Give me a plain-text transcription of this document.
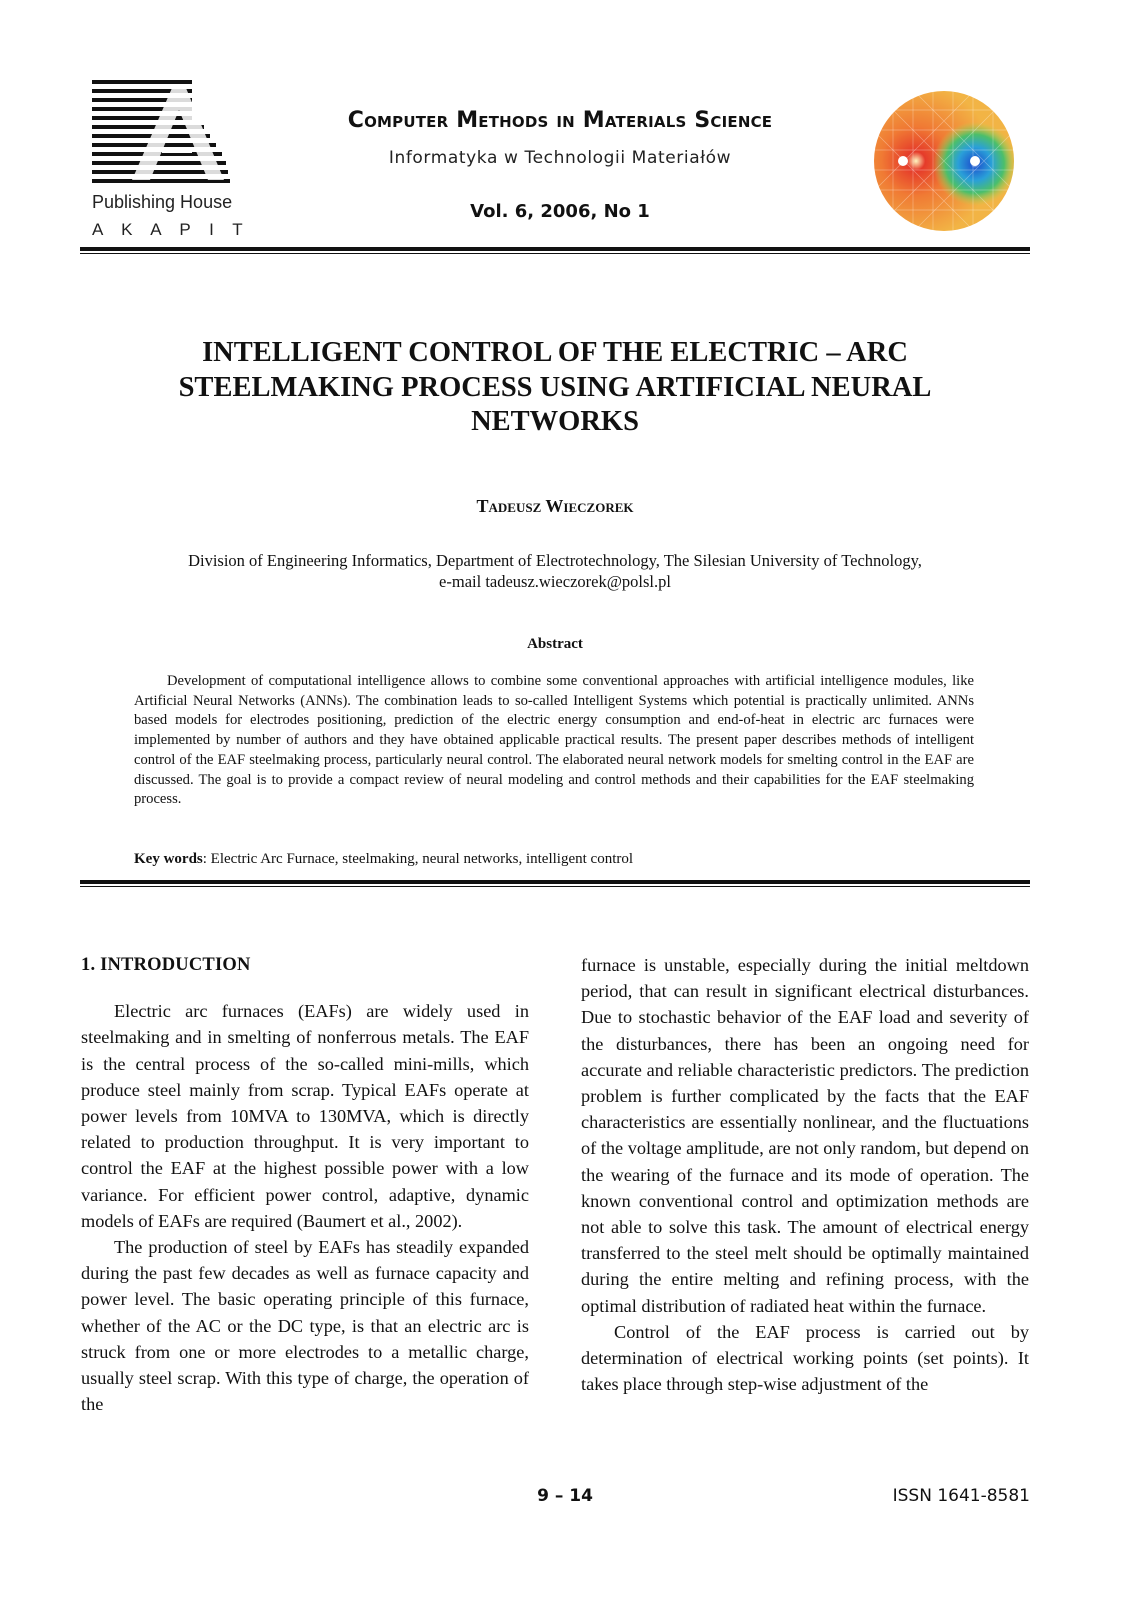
Publishing House
A K A P I T
Computer Methods in Materials Science
Informatyka w Technologii Materiałów
Vol. 6, 2006, No 1
INTELLIGENT CONTROL OF THE ELECTRIC – ARC STEELMAKING PROCESS USING ARTIFICIAL NEURAL NETWORKS
Tadeusz Wieczorek
Division of Engineering Informatics, Department of Electrotechnology, The Silesian University of Technology,
e-mail tadeusz.wieczorek@polsl.pl
Abstract

Development of computational intelligence allows to combine some conventional approaches with artificial intelligence modules, like Artificial Neural Networks (ANNs). The combination leads to so-called Intelligent Systems which potential is practically unlimited. ANNs based models for electrodes positioning, prediction of the electric energy consumption and end-of-heat in electric arc furnaces were implemented by number of authors and they have obtained applicable practical results. The present paper describes methods of intelligent control of the EAF steelmaking process, particularly neural control. The elaborated neural network models for smelting control in the EAF are discussed. The goal is to provide a compact review of neural modeling and control methods and their capabilities for the EAF steelmaking process.

Key words: Electric Arc Furnace, steelmaking, neural networks, intelligent control

1. INTRODUCTION

Electric arc furnaces (EAFs) are widely used in steelmaking and in smelting of nonferrous metals. The EAF is the central process of the so-called mini-mills, which produce steel mainly from scrap. Typical EAFs operate at power levels from 10MVA to 130MVA, which is directly related to production throughput. It is very important to control the EAF at the highest possible power with a low variance. For efficient power control, adaptive, dynamic models of EAFs are required (Baumert et al., 2002).

The production of steel by EAFs has steadily expanded during the past few decades as well as furnace capacity and power level. The basic operating principle of this furnace, whether of the AC or the DC type, is that an electric arc is struck from one or more electrodes to a metallic charge, usually steel scrap. With this type of charge, the operation of the

furnace is unstable, especially during the initial meltdown period, that can result in significant electrical disturbances. Due to stochastic behavior of the EAF load and severity of the disturbances, there has been an ongoing need for accurate and reliable characteristic predictors. The prediction problem is further complicated by the facts that the EAF characteristics are essentially nonlinear, and the fluctuations of the voltage amplitude, are not only random, but depend on the wearing of the furnace and its mode of operation. The known conventional control and optimization methods are not able to solve this task. The amount of electrical energy transferred to the steel melt should be optimally maintained during the entire melting and refining process, with the optimal distribution of radiated heat within the furnace.

Control of the EAF process is carried out by determination of electrical working points (set points). It takes place through step-wise adjustment of the

9 – 14	ISSN 1641-8581
